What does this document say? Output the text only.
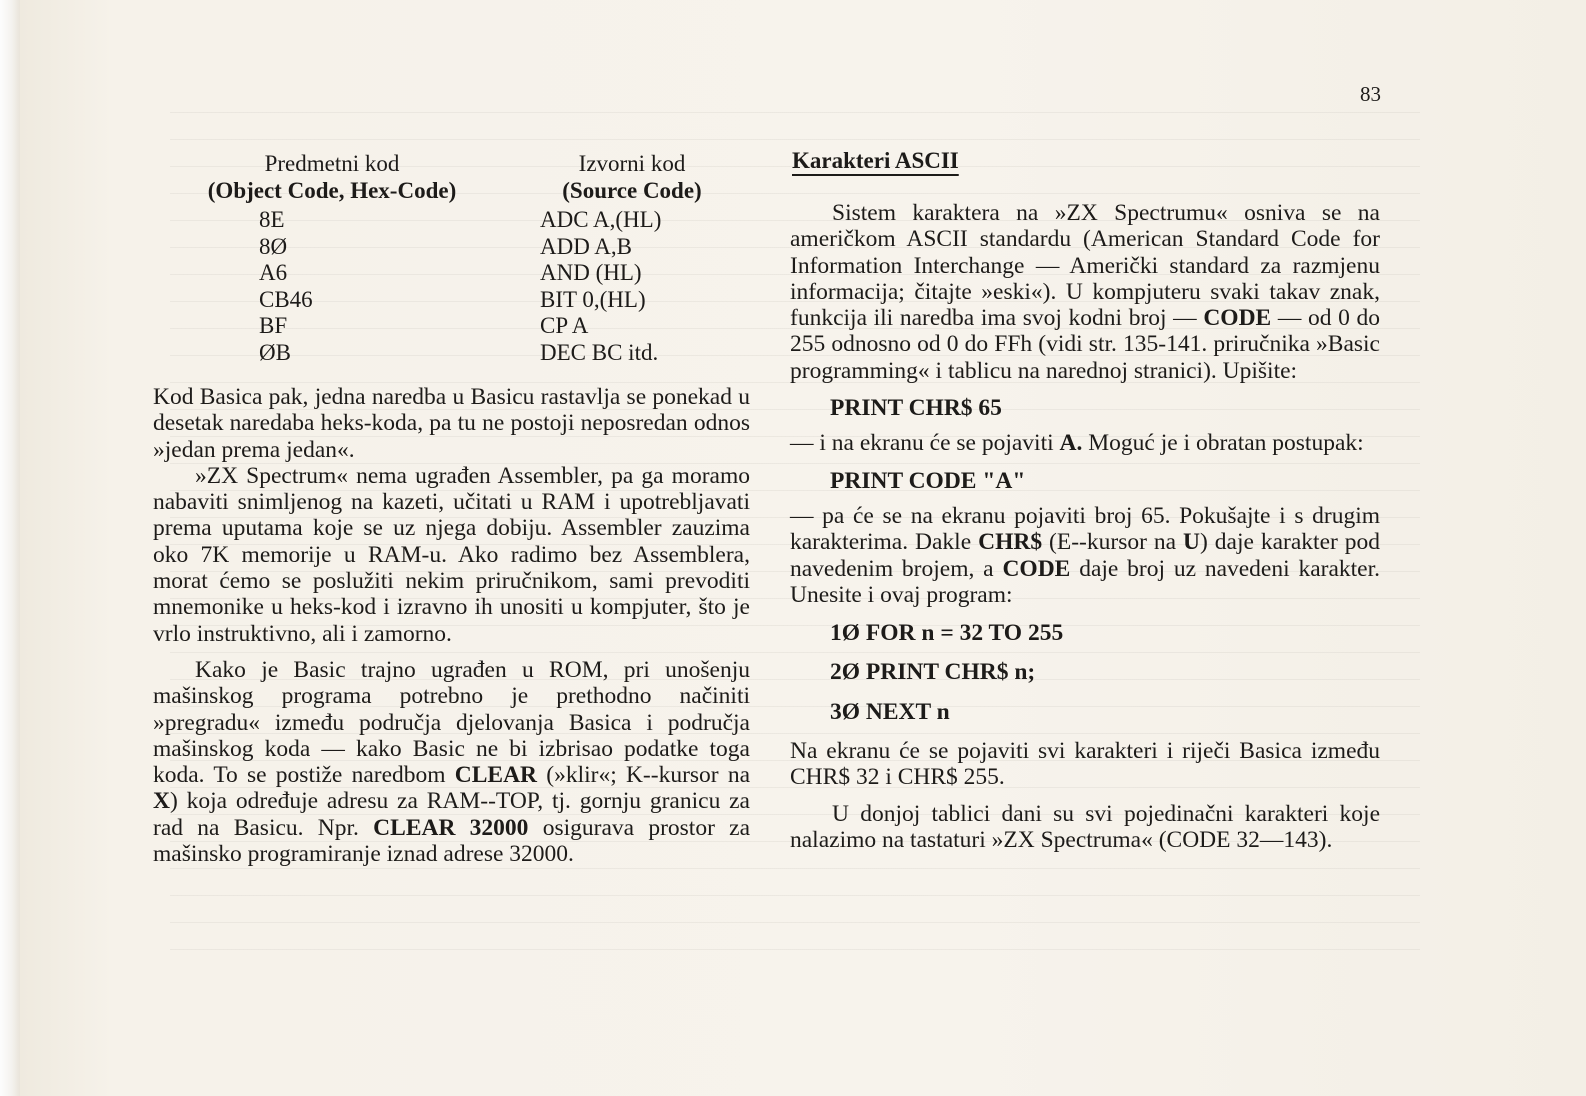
83
Predmetni kod
(Object Code, Hex-Code)
Izvorni kod
(Source Code)
8E
8Ø
A6
CB46
BF
ØB
ADC A,(HL)
ADD A,B
AND (HL)
BIT 0,(HL)
CP A
DEC BC itd.

Kod Basica pak, jedna naredba u Basicu rastavlja se ponekad u desetak naredaba heks-koda, pa tu ne postoji neposredan odnos »jedan prema jedan«.

»ZX Spectrum« nema ugrađen Assembler, pa ga moramo nabaviti snimljenog na kazeti, učitati u RAM i upotrebljavati prema uputama koje se uz njega dobiju. Assembler zauzima oko 7K memorije u RAM-u. Ako radimo bez Assemblera, morat ćemo se poslužiti nekim priručnikom, sami prevoditi mnemonike u heks-kod i izravno ih unositi u kompjuter, što je vrlo instruktivno, ali i zamorno.

Kako je Basic trajno ugrađen u ROM, pri unošenju mašinskog programa potrebno je prethodno načiniti »pregradu« između područja djelovanja Basica i područja mašinskog koda — kako Basic ne bi izbrisao podatke toga koda. To se postiže naredbom CLEAR (»klir«; K--kursor na X) koja određuje adresu za RAM--TOP, tj. gornju granicu za rad na Basicu. Npr. CLEAR 32000 osigurava prostor za mašinsko programiranje iznad adrese 32000.

Karakteri ASCII

Sistem karaktera na »ZX Spectrumu« osniva se na američkom ASCII standardu (American Standard Code for Information Interchange — Američki standard za razmjenu informacija; čitajte »eski«). U kompjuteru svaki takav znak, funkcija ili naredba ima svoj kodni broj — CODE — od 0 do 255 odnosno od 0 do FFh (vidi str. 135-141. priručnika »Basic programming« i tablicu na narednoj stranici). Upišite:

PRINT CHR$ 65

— i na ekranu će se pojaviti A. Moguć je i obratan postupak:

PRINT CODE "A"

— pa će se na ekranu pojaviti broj 65. Pokušajte i s drugim karakterima. Dakle CHR$ (E--kursor na U) daje karakter pod navedenim brojem, a CODE daje broj uz navedeni karakter. Unesite i ovaj program:

1Ø FOR n = 32 TO 255

2Ø PRINT CHR$ n;

3Ø NEXT n

Na ekranu će se pojaviti svi karakteri i riječi Basica između CHR$ 32 i CHR$ 255.

U donjoj tablici dani su svi pojedinačni karakteri koje nalazimo na tastaturi »ZX Spectruma« (CODE 32—143).
